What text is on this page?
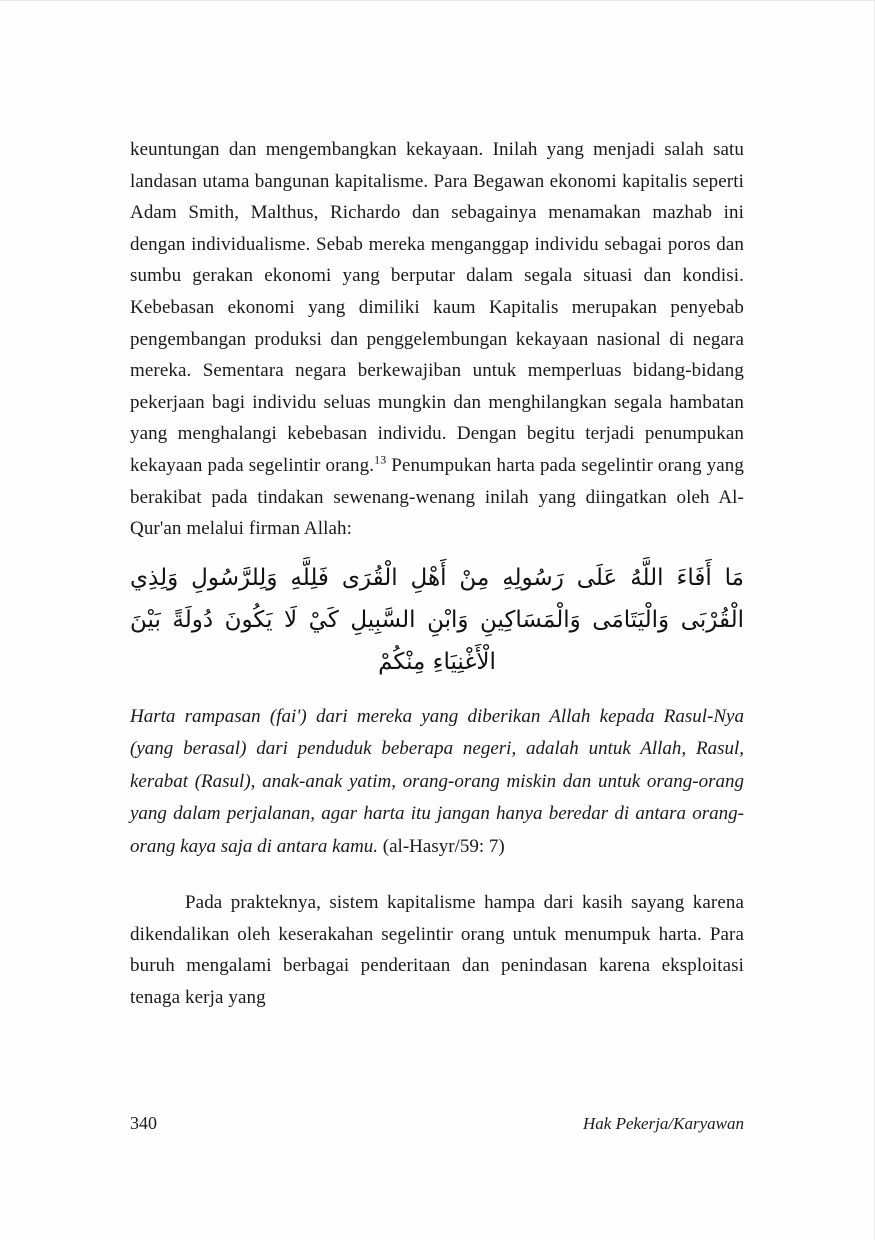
keuntungan dan mengembangkan kekayaan. Inilah yang menjadi salah satu landasan utama bangunan kapitalisme. Para Begawan ekonomi kapitalis seperti Adam Smith, Malthus, Richardo dan sebagainya menamakan mazhab ini dengan individualisme. Sebab mereka menganggap individu sebagai poros dan sumbu gerakan ekonomi yang berputar dalam segala situasi dan kondisi. Kebebasan ekonomi yang dimiliki kaum Kapitalis merupakan penyebab pengembangan produksi dan penggelembungan kekayaan nasional di negara mereka. Sementara negara berkewajiban untuk memperluas bidang-bidang pekerjaan bagi individu seluas mungkin dan menghilangkan segala hambatan yang menghalangi kebebasan individu. Dengan begitu terjadi penumpukan kekayaan pada segelintir orang.$^{13}$ Penumpukan harta pada segelintir orang yang berakibat pada tindakan sewenang-wenang inilah yang diingatkan oleh Al-Qur'an melalui firman Allah:

مَا أَفَاءَ اللَّهُ عَلَى رَسُولِهِ مِنْ أَهْلِ الْقُرَى فَلِلَّهِ وَلِلرَّسُولِ وَلِذِي الْقُرْبَى وَالْيَتَامَى وَالْمَسَاكِينِ وَابْنِ السَّبِيلِ كَيْ لَا يَكُونَ دُولَةً بَيْنَ الْأَغْنِيَاءِ مِنْكُمْ

Harta rampasan (fai') dari mereka yang diberikan Allah kepada Rasul-Nya (yang berasal) dari penduduk beberapa negeri, adalah untuk Allah, Rasul, kerabat (Rasul), anak-anak yatim, orang-orang miskin dan untuk orang-orang yang dalam perjalanan, agar harta itu jangan hanya beredar di antara orang-orang kaya saja di antara kamu. (al-Hasyr/59: 7)

Pada prakteknya, sistem kapitalisme hampa dari kasih sayang karena dikendalikan oleh keserakahan segelintir orang untuk menumpuk harta. Para buruh mengalami berbagai penderitaan dan penindasan karena eksploitasi tenaga kerja yang

340	Hak Pekerja/Karyawan
